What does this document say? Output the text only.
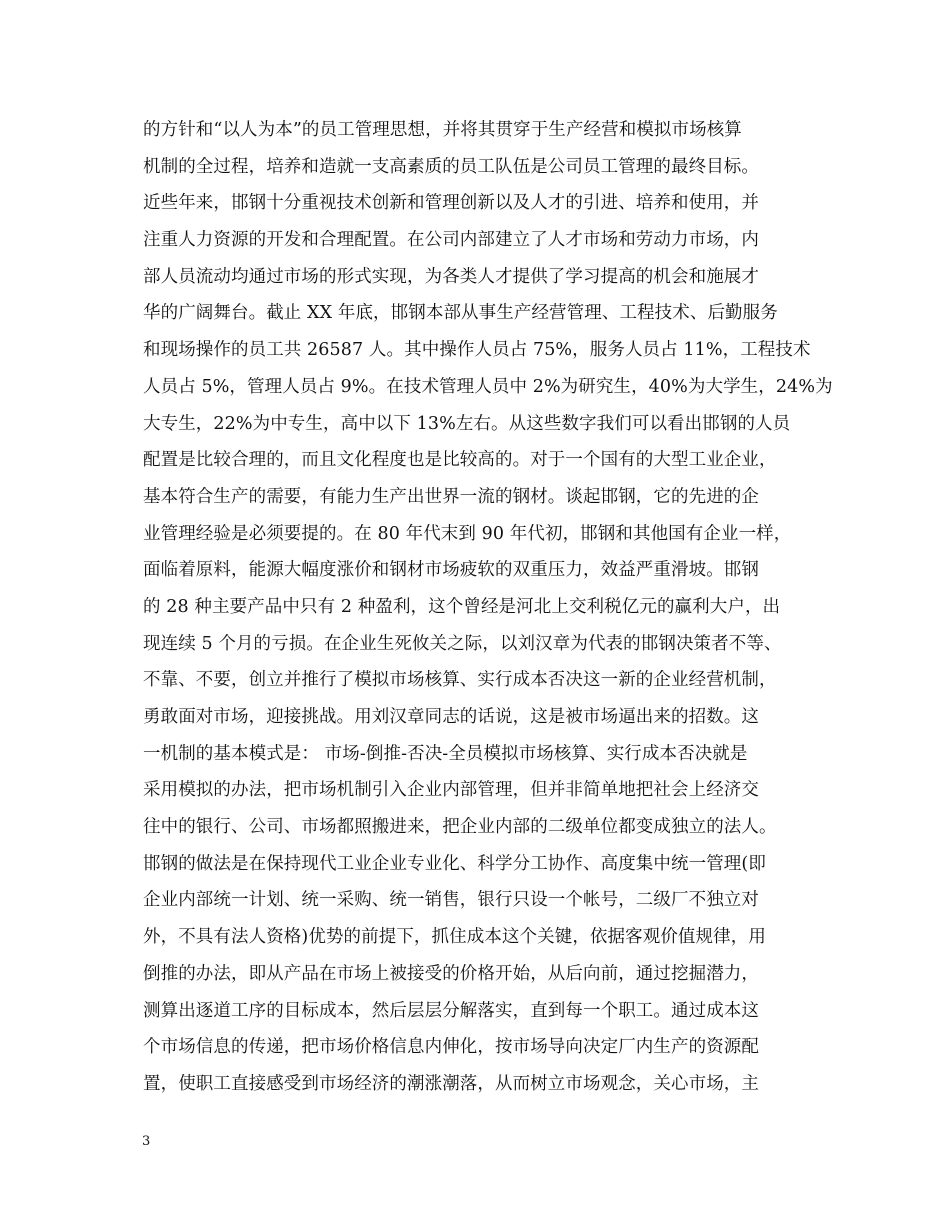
的方针和“以人为本”的员工管理思想，并将其贯穿于生产经营和模拟市场核算
机制的全过程，培养和造就一支高素质的员工队伍是公司员工管理的最终目标。
近些年来，邯钢十分重视技术创新和管理创新以及人才的引进、培养和使用，并
注重人力资源的开发和合理配置。在公司内部建立了人才市场和劳动力市场，内
部人员流动均通过市场的形式实现，为各类人才提供了学习提高的机会和施展才
华的广阔舞台。截止 XX 年底，邯钢本部从事生产经营管理、工程技术、后勤服务
和现场操作的员工共 26587 人。其中操作人员占 75%，服务人员占 11%，工程技术
人员占 5%，管理人员占 9%。在技术管理人员中 2%为研究生，40%为大学生，24%为
大专生，22%为中专生，高中以下 13%左右。从这些数字我们可以看出邯钢的人员
配置是比较合理的，而且文化程度也是比较高的。对于一个国有的大型工业企业，
基本符合生产的需要，有能力生产出世界一流的钢材。谈起邯钢，它的先进的企
业管理经验是必须要提的。在 80 年代末到 90 年代初，邯钢和其他国有企业一样，
面临着原料，能源大幅度涨价和钢材市场疲软的双重压力，效益严重滑坡。邯钢
的 28 种主要产品中只有 2 种盈利，这个曾经是河北上交利税亿元的赢利大户，出
现连续 5 个月的亏损。在企业生死攸关之际，以刘汉章为代表的邯钢决策者不等、
不靠、不要，创立并推行了模拟市场核算、实行成本否决这一新的企业经营机制，
勇敢面对市场，迎接挑战。用刘汉章同志的话说，这是被市场逼出来的招数。这
一机制的基本模式是： 市场-倒推-否决-全员模拟市场核算、实行成本否决就是
采用模拟的办法，把市场机制引入企业内部管理，但并非简单地把社会上经济交
往中的银行、公司、市场都照搬进来，把企业内部的二级单位都变成独立的法人。
邯钢的做法是在保持现代工业企业专业化、科学分工协作、高度集中统一管理(即
企业内部统一计划、统一采购、统一销售，银行只设一个帐号，二级厂不独立对
外，不具有法人资格)优势的前提下，抓住成本这个关键，依据客观价值规律，用
倒推的办法，即从产品在市场上被接受的价格开始，从后向前，通过挖掘潜力，
测算出逐道工序的目标成本，然后层层分解落实，直到每一个职工。通过成本这
个市场信息的传递，把市场价格信息内伸化，按市场导向决定厂内生产的资源配
置，使职工直接感受到市场经济的潮涨潮落，从而树立市场观念，关心市场，主
3
